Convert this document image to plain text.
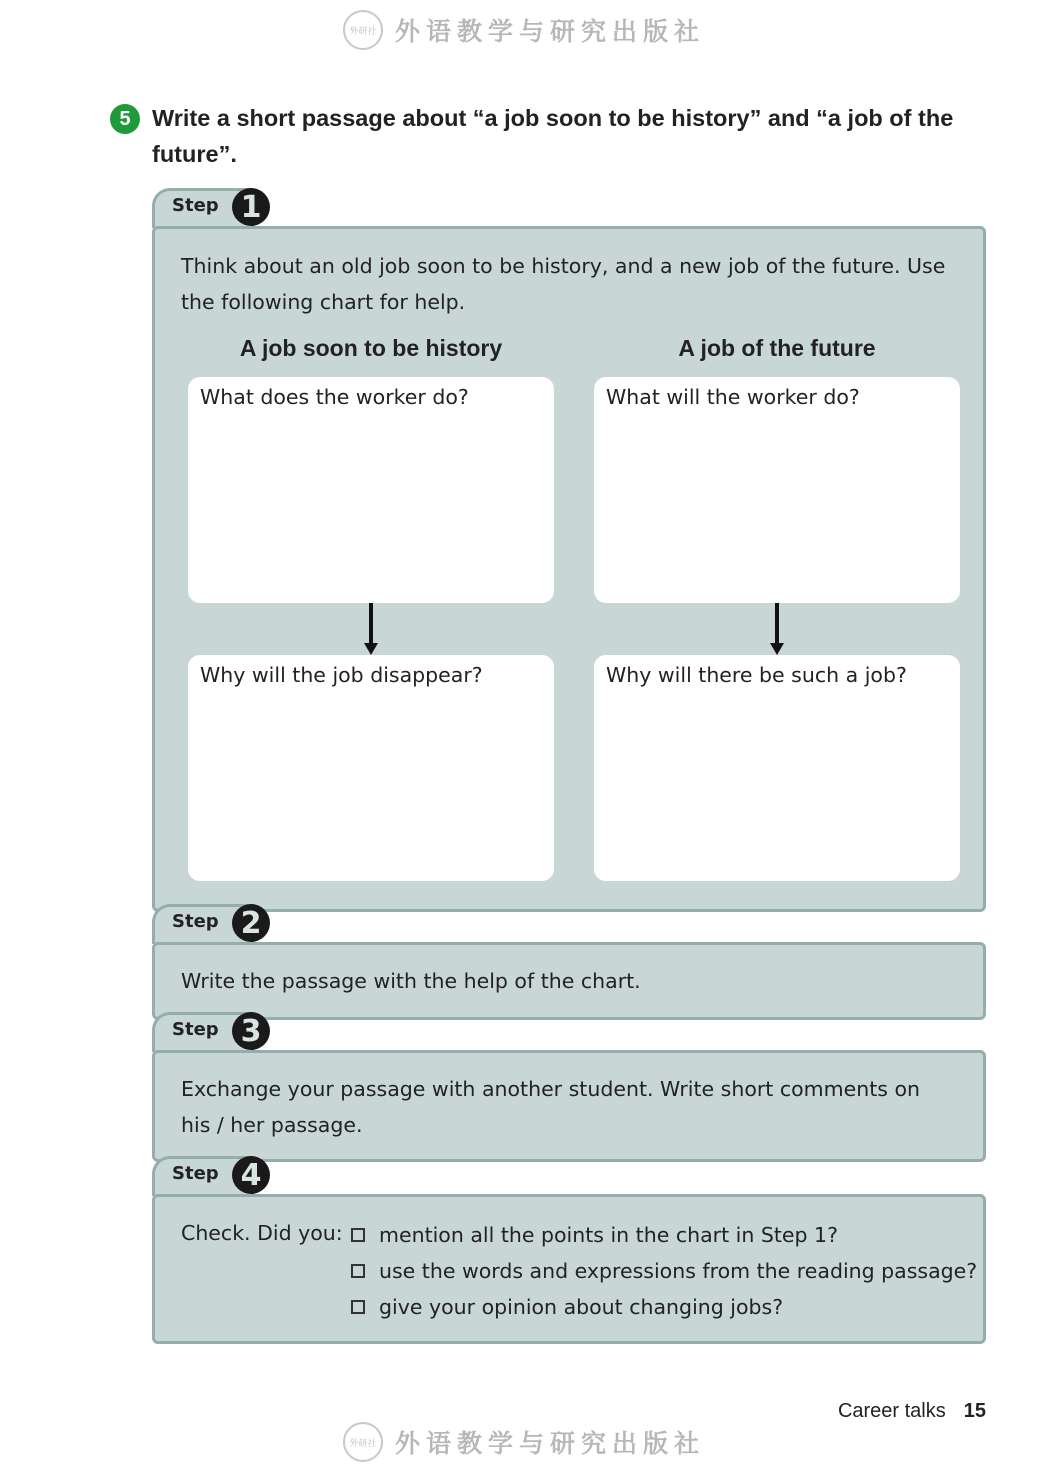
外研社 外语教学与研究出版社
5 Write a short passage about “a job soon to be history” and “a job of the future”.
Step 1
Think about an old job soon to be history, and a new job of the future. Use the following chart for help.
A job soon to be history	A job of the future
What does the worker do?	What will the worker do?
Why will the job disappear?	Why will there be such a job?
Step 2
Write the passage with the help of the chart.
Step 3
Exchange your passage with another student. Write short comments on his / her passage.
Step 4
Check. Did you: mention all the points in the chart in Step 1?
use the words and expressions from the reading passage?
give your opinion about changing jobs?
Career talks 15
外研社 外语教学与研究出版社
